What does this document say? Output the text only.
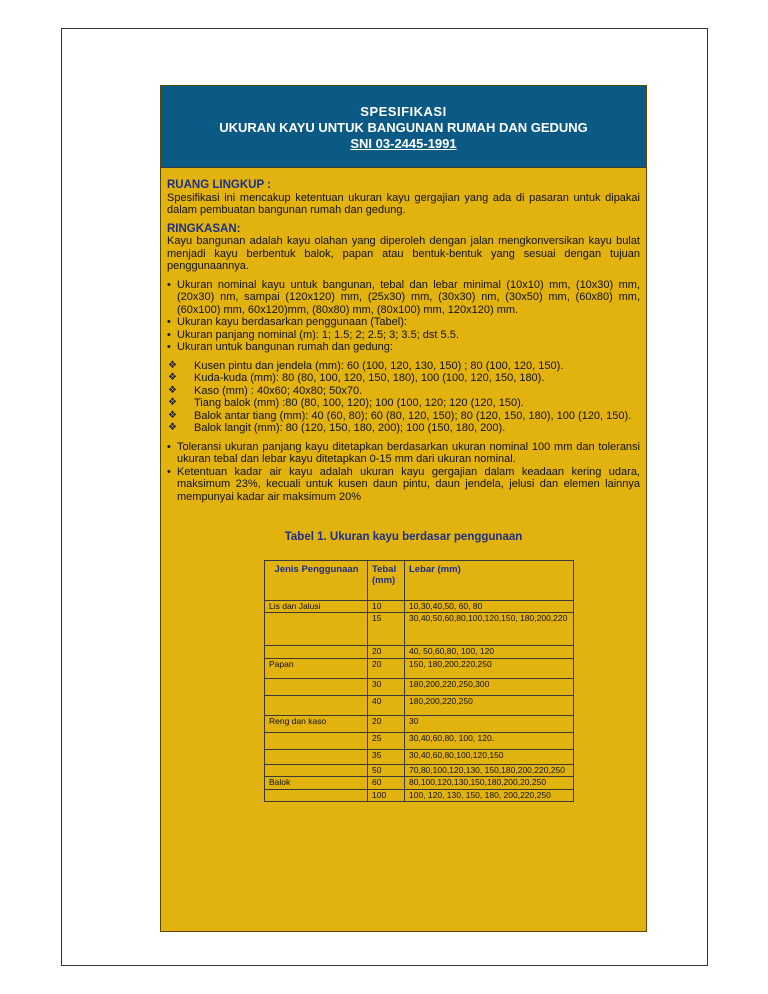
SPESIFIKASI
UKURAN KAYU UNTUK BANGUNAN RUMAH DAN GEDUNG
SNI 03-2445-1991
RUANG LINGKUP :
Spesifikasi ini mencakup ketentuan ukuran kayu gergajian yang ada di pasaran untuk dipakai dalam pembuatan bangunan rumah dan gedung.
RINGKASAN:
Kayu bangunan adalah kayu olahan yang diperoleh dengan jalan mengkonversikan kayu bulat menjadi kayu berbentuk balok, papan atau bentuk-bentuk yang sesuai dengan tujuan penggunaannya.
• Ukuran nominal kayu untuk bangunan, tebal dan lebar minimal (10x10) mm, (10x30) mm, (20x30) nm, sampai (120x120) mm, (25x30) mm, (30x30) nm, (30x50) mm, (60x80) mm, (60x100) mm, 60x120)mm, (80x80) mm, (80x100) mm, 120x120) mm.
• Ukuran kayu berdasarkan penggunaan (Tabel):
• Ukuran panjang nominal (m): 1; 1.5; 2; 2.5; 3; 3.5; dst 5.5.
• Ukuran untuk bangunan rumah dan gedung:
❖ Kusen pintu dan jendela (mm): 60 (100, 120, 130, 150) ; 80 (100, 120, 150).
❖ Kuda-kuda (mm): 80 (80, 100, 120, 150, 180), 100 (100, 120, 150, 180).
❖ Kaso (mm) : 40x60; 40x80; 50x70.
❖ Tiang balok (mm) :80 (80, 100, 120); 100 (100, 120; 120 (120, 150).
❖ Balok antar tiang (mm): 40 (60, 80); 60 (80, 120, 150); 80 (120, 150, 180), 100 (120, 150).
❖ Balok langit (mm): 80 (120, 150, 180, 200); 100 (150, 180, 200).
• Toleransi ukuran panjang kayu ditetapkan berdasarkan ukuran nominal 100 mm dan toleransi ukuran tebal dan lebar kayu ditetapkan 0-15 mm dari ukuran nominal.
• Ketentuan kadar air kayu adalah ukuran kayu gergajian dalam keadaan kering udara, maksimum 23%, kecuali untuk kusen daun pintu, daun jendela, jelusi dan elemen lainnya mempunyai kadar air maksimum 20%
Tabel 1. Ukuran kayu berdasar penggunaan
Jenis Penggunaan	Tebal (mm)	Lebar (mm)
Lis dan Jalusi	10	10,30,40,50, 60, 80
	15	30,40,50,60,80,100,120,150, 180,200,220
	20	40, 50,60,80, 100, 120
Papan	20	150, 180,200,220,250
	30	180,200,220,250,300
	40	180,200,220,250
Reng dan kaso	20	30
	25	30,40,60,80, 100, 120.
	35	30,40,60,80,100,120,150
	50	70,80,100,120,130, 150,180,200,220,250
Balok	60	80,100,120,130,150,180,200,20,250
	100	100, 120, 130, 150, 180, 200,220,250
